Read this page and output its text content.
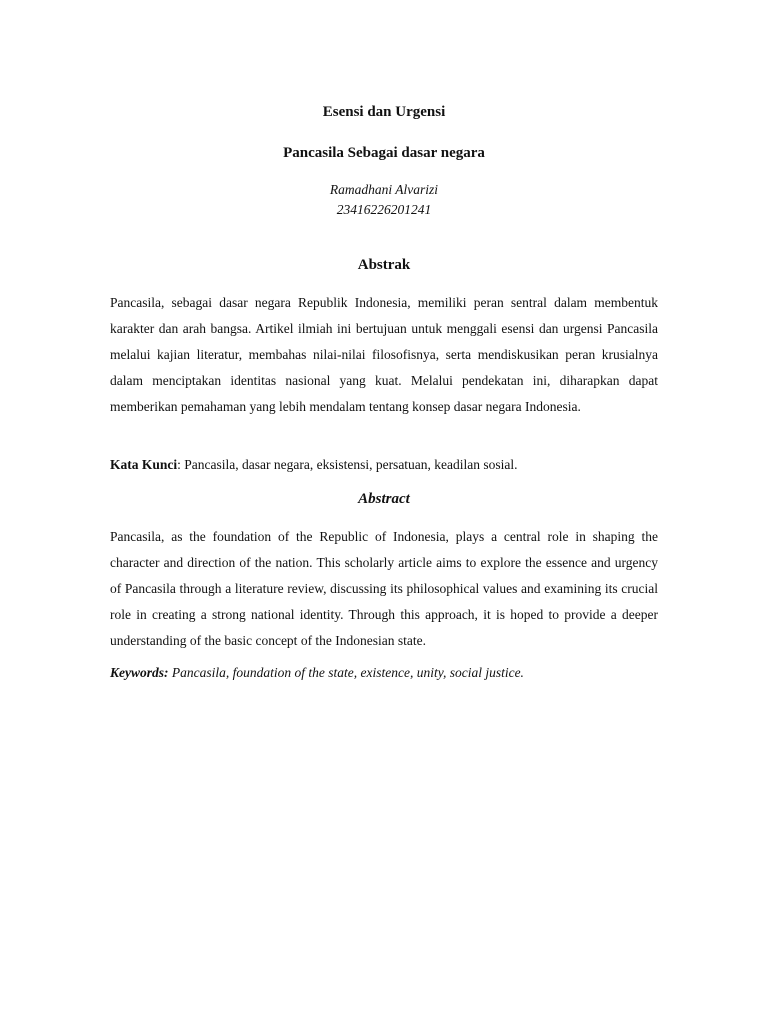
Esensi dan Urgensi
Pancasila Sebagai dasar negara

Ramadhani Alvarizi

23416226201241

Abstrak

Pancasila, sebagai dasar negara Republik Indonesia, memiliki peran sentral dalam membentuk karakter dan arah bangsa. Artikel ilmiah ini bertujuan untuk menggali esensi dan urgensi Pancasila melalui kajian literatur, membahas nilai-nilai filosofisnya, serta mendiskusikan peran krusialnya dalam menciptakan identitas nasional yang kuat. Melalui pendekatan ini, diharapkan dapat memberikan pemahaman yang lebih mendalam tentang konsep dasar negara Indonesia.

Kata Kunci: Pancasila, dasar negara, eksistensi, persatuan, keadilan sosial.

Abstract

Pancasila, as the foundation of the Republic of Indonesia, plays a central role in shaping the character and direction of the nation. This scholarly article aims to explore the essence and urgency of Pancasila through a literature review, discussing its philosophical values and examining its crucial role in creating a strong national identity. Through this approach, it is hoped to provide a deeper understanding of the basic concept of the Indonesian state.

Keywords: Pancasila, foundation of the state, existence, unity, social justice.
